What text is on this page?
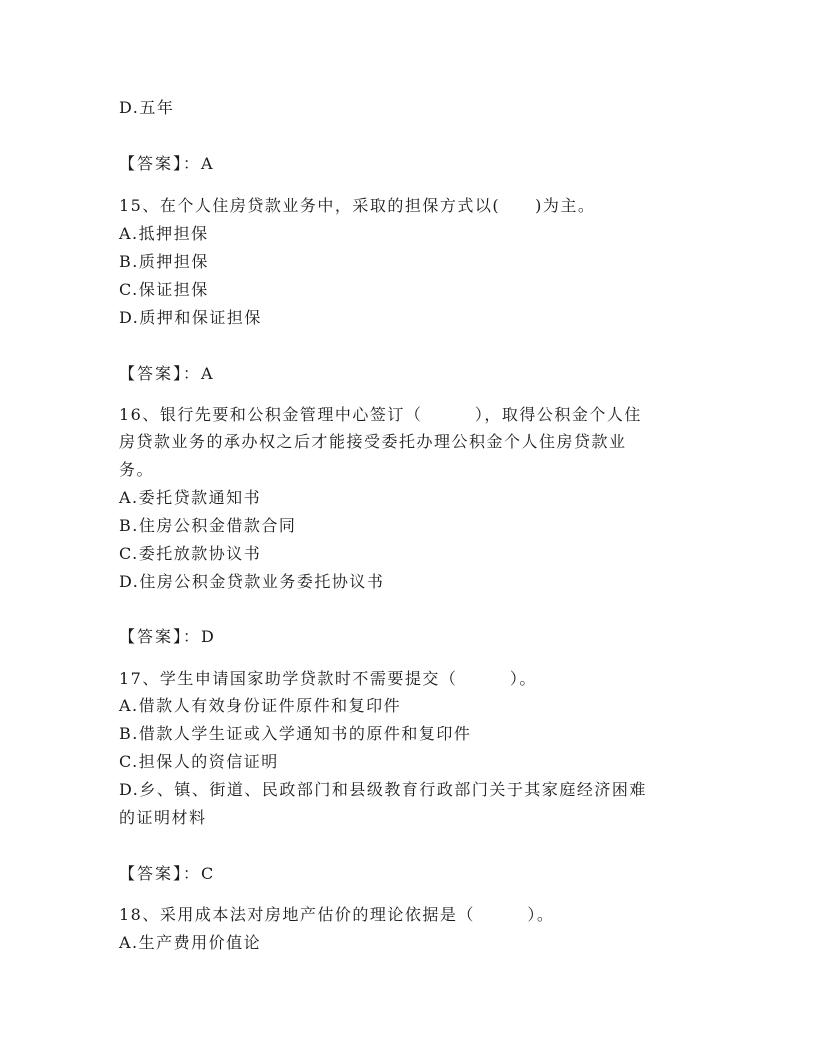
D.五年
【答案】：A
15、在个人住房贷款业务中，采取的担保方式以(　　)为主。
A.抵押担保
B.质押担保
C.保证担保
D.质押和保证担保
【答案】：A
16、银行先要和公积金管理中心签订（　　　），取得公积金个人住
房贷款业务的承办权之后才能接受委托办理公积金个人住房贷款业
务。
A.委托贷款通知书
B.住房公积金借款合同
C.委托放款协议书
D.住房公积金贷款业务委托协议书
【答案】：D
17、学生申请国家助学贷款时不需要提交（　　　）。
A.借款人有效身份证件原件和复印件
B.借款人学生证或入学通知书的原件和复印件
C.担保人的资信证明
D.乡、镇、街道、民政部门和县级教育行政部门关于其家庭经济困难
的证明材料
【答案】：C
18、采用成本法对房地产估价的理论依据是（　　　）。
A.生产费用价值论
